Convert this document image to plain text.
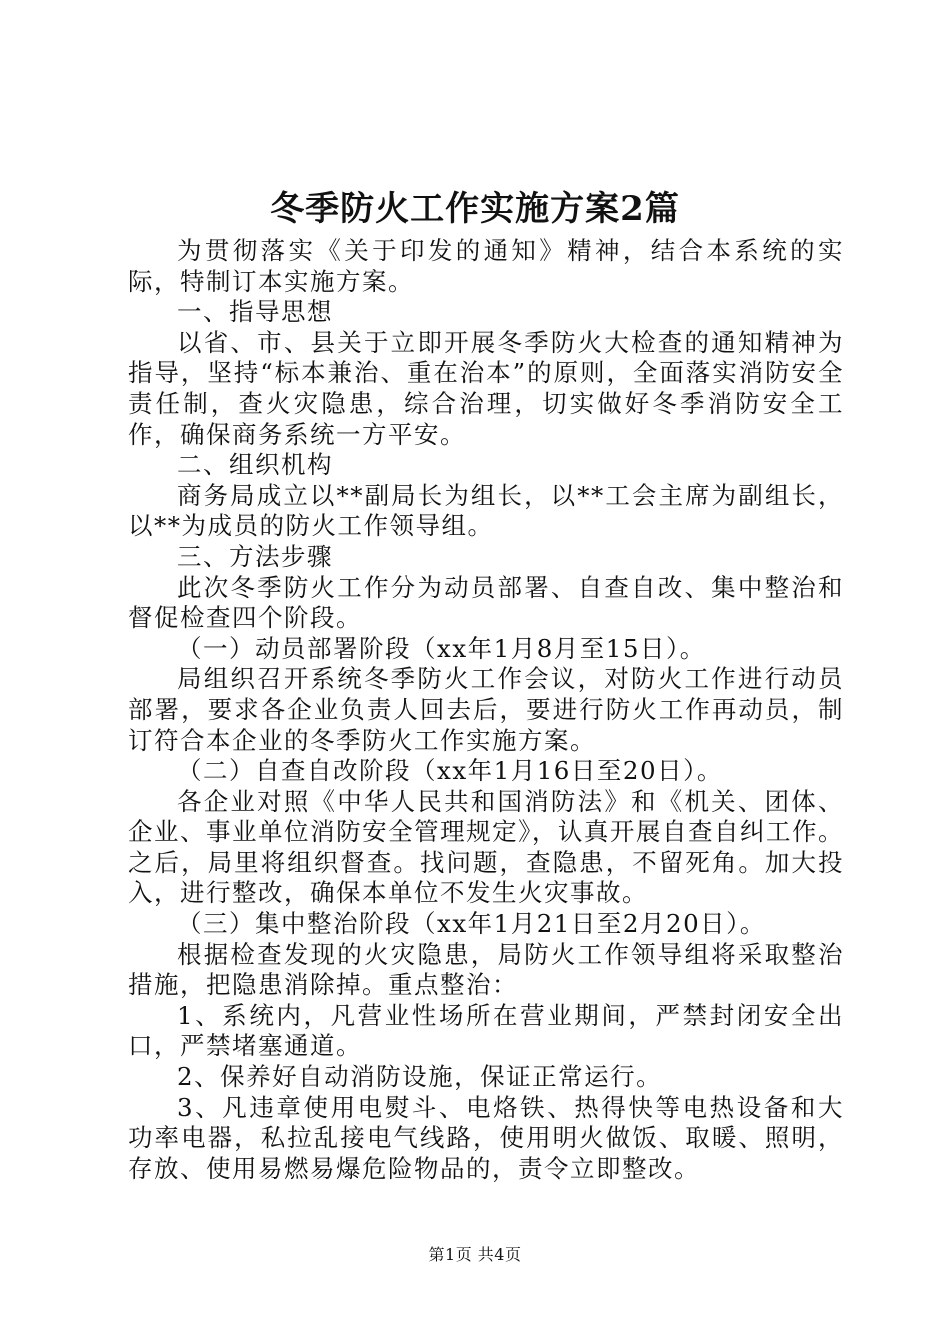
冬季防火工作实施方案2篇

为贯彻落实《关于印发的通知》精神，结合本系统的实际，特制订本实施方案。

一、指导思想

以省、市、县关于立即开展冬季防火大检查的通知精神为指导，坚持“标本兼治、重在治本”的原则，全面落实消防安全责任制，查火灾隐患，综合治理，切实做好冬季消防安全工作，确保商务系统一方平安。

二、组织机构

商务局成立以**副局长为组长，以**工会主席为副组长，以**为成员的防火工作领导组。

三、方法步骤

此次冬季防火工作分为动员部署、自查自改、集中整治和督促检查四个阶段。

（一）动员部署阶段（xx年1月8月至15日）。

局组织召开系统冬季防火工作会议，对防火工作进行动员部署，要求各企业负责人回去后，要进行防火工作再动员，制订符合本企业的冬季防火工作实施方案。

（二）自查自改阶段（xx年1月16日至20日）。

各企业对照《中华人民共和国消防法》和《机关、团体、企业、事业单位消防安全管理规定》，认真开展自查自纠工作。之后，局里将组织督查。找问题，查隐患，不留死角。加大投入，进行整改，确保本单位不发生火灾事故。

（三）集中整治阶段（xx年1月21日至2月20日）。

根据检查发现的火灾隐患，局防火工作领导组将采取整治措施，把隐患消除掉。重点整治：

1、系统内，凡营业性场所在营业期间，严禁封闭安全出口，严禁堵塞通道。

2、保养好自动消防设施，保证正常运行。

3、凡违章使用电熨斗、电烙铁、热得快等电热设备和大功率电器，私拉乱接电气线路，使用明火做饭、取暖、照明，存放、使用易燃易爆危险物品的，责令立即整改。

第1页 共4页
